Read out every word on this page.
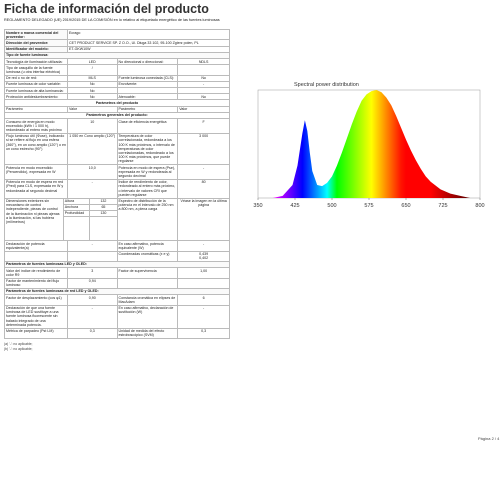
Ficha de información del producto
REGLAMENTO DELEGADO (UE) 2019/2015 DE LA COMISIÓN en lo relativo al etiquetado energético de las fuentes luminosas
Nombre o marca comercial del proveedor:	Ecrago
Dirección del proveedor:	CET PRODUCT SERVICE SP. Z O.O., Ul. Długa 33 102, 95-100 Zgierz polen, PL
Identificador del modelo:	ET-GKW10W
Tipo de fuente luminosa:
Tecnología de iluminación utilizada:	LED	No direccional o direccional:	NDLS
Tipo de casquillo de la fuente luminosa (u otra interfaz eléctrica)	/		
De red o no de red:	MLS	Fuente luminosa conectada (CLS):	No
Fuente luminosa de color variable:	No	Envolvente:	-
Fuente luminosa de alta luminancia:	No		
Protección antideslumbramiento:	No	Atenuable:	No
Parámetros del producto
Parámetro	Valor	Parámetro	Valor
Parámetros generales del producto:
Consumo de energía en modo encendido (kWh / 1 000 h), redondeado al entero más próximo	10	Clase de eficiencia energética	F
Flujo luminoso útil (Φuse), indicando si se refiere al flujo en una esfera (360°), en un cono amplio (120°) o en un cono estrecho (90°)	1 050 en Cono amplio (120°)	Temperatura de color correlacionada, redondeada a los 100 K más próximos, o intervalo de temperaturas de color correlacionadas, redondeado a los 100 K más próximos, que puede regularse	3 000
Potencia en modo encendido (Pencendido), expresada en W	10,0	Potencia en modo de espera (Pse), expresada en W y redondeada al segundo decimal	-
Potencia en modo de espera en red (Pred) para CLS, expresada en W y redondeada al segundo decimal	-	Índice de rendimiento de color, redondeado al entero más próximo, o intervalo de valores CRI que pueden regularse	80

Dimensiones exteriores sin mecanismo de control independiente, piezas de control de la iluminación ni piezas ajenas a la iluminación, si las hubiera (milímetros)	Altura	132
Anchura	65
Profundidad	130

	Espectro de distribución de la potencia en el intervalo de 250 nm a 800 nm, a plena carga	Véase la imagen en la última página
Declaración de potencia equivalente(a)	-	En caso afirmativo, potencia equivalente (W)	-
		Coordenadas cromáticas (x e y)	0,439
0,402
Parámetros de fuentes luminosas LED y OLED:
Valor del índice de rendimiento de color R9	3	Factor de supervivencia	1,00
Factor de mantenimiento del flujo luminoso	0,94		
Parámetros de fuentes luminosas de red LED y OLED:
Factor de desplazamiento (cos φ1)	0,90	Constancia cromática en elipses de MacAdam	6
Declaración de que una fuente luminosa de LED sustituye a una fuente luminosa fluorescente sin balasto integrado de una determinada potencia.	-	En caso afirmativo, declaración de sustitución (W)	-
Métrica de parpadeo (Pst LM)	0,3	Unidad de medida del efecto estroboscópico (SVM)	0,3
(a) '-': no aplicable;
(b) '-': no aplicable;
Página 2 / 4
Spectral power distribution
350	425	500	575	650	725	800
